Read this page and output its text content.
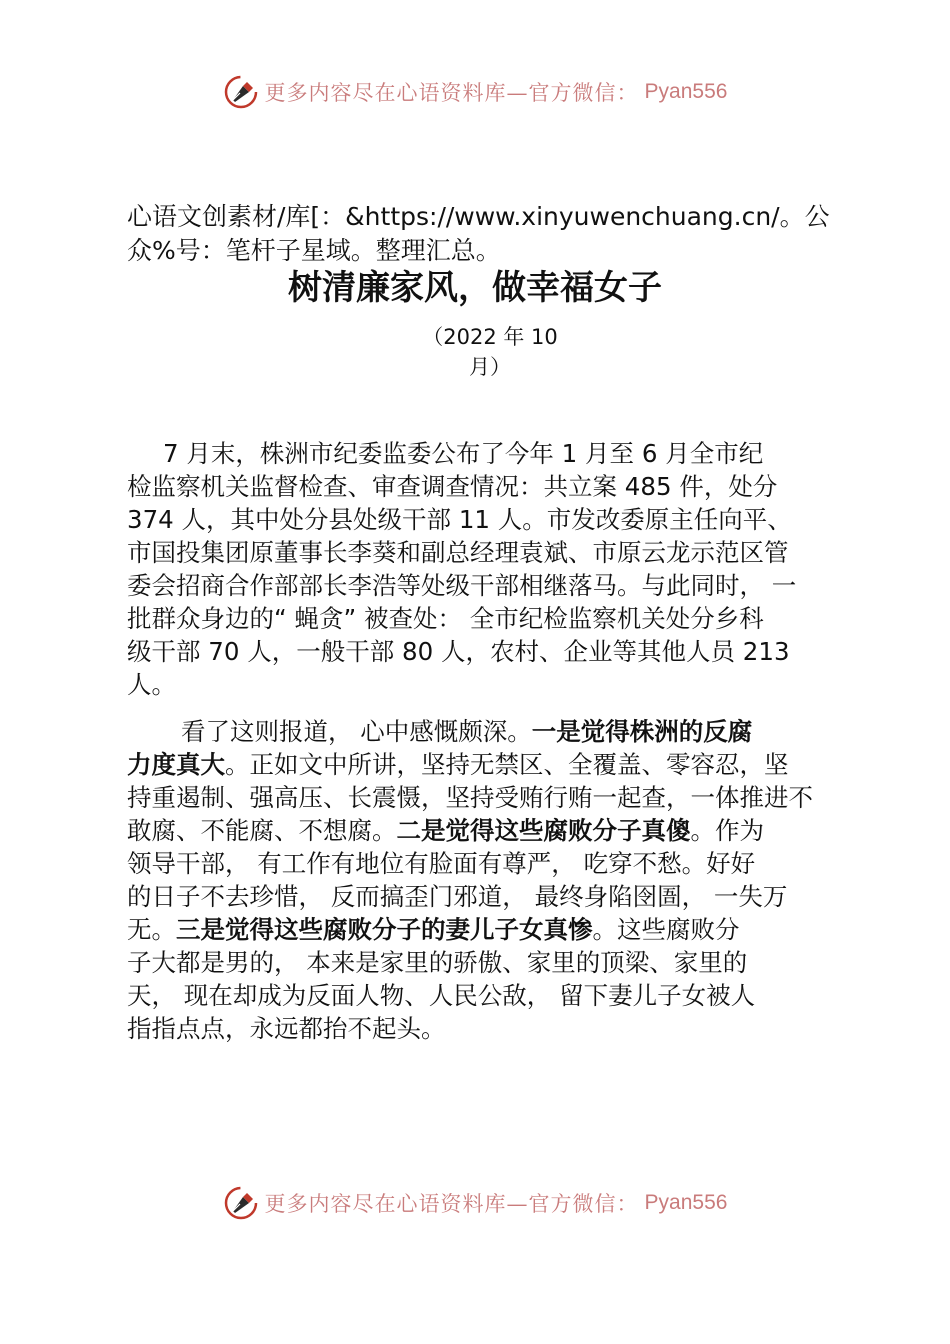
更多内容尽在心语资料库—官方微信： Pyan556
心语文创素材/库[：&https://www.xinyuwenchuang.cn/。公众%号：笔杆子星域。整理汇总。
树清廉家风，做幸福女子
（2022 年 10
月）
7 月末，株洲市纪委监委公布了今年 1 月至 6 月全市纪
检监察机关监督检查、审查调查情况：共立案 485 件，处分
374 人，其中处分县处级干部 11 人。市发改委原主任向平、
市国投集团原董事长李葵和副总经理袁斌、市原云龙示范区管
委会招商合作部部长李浩等处级干部相继落马。与此同时， 一
批群众身边的“ 蝇贪” 被查处： 全市纪检监察机关处分乡科
级干部 70 人，一般干部 80 人，农村、企业等其他人员 213
人。
看了这则报道， 心中感慨颇深。一是觉得株洲的反腐
力度真大。正如文中所讲，坚持无禁区、全覆盖、零容忍，坚
持重遏制、强高压、长震慑，坚持受贿行贿一起查，一体推进不
敢腐、不能腐、不想腐。二是觉得这些腐败分子真傻。作为
领导干部， 有工作有地位有脸面有尊严， 吃穿不愁。好好
的日子不去珍惜， 反而搞歪门邪道， 最终身陷囹圄， 一失万
无。三是觉得这些腐败分子的妻儿子女真惨。这些腐败分
子大都是男的， 本来是家里的骄傲、家里的顶梁、家里的
天， 现在却成为反面人物、人民公敌， 留下妻儿子女被人
指指点点，永远都抬不起头。
更多内容尽在心语资料库—官方微信： Pyan556
